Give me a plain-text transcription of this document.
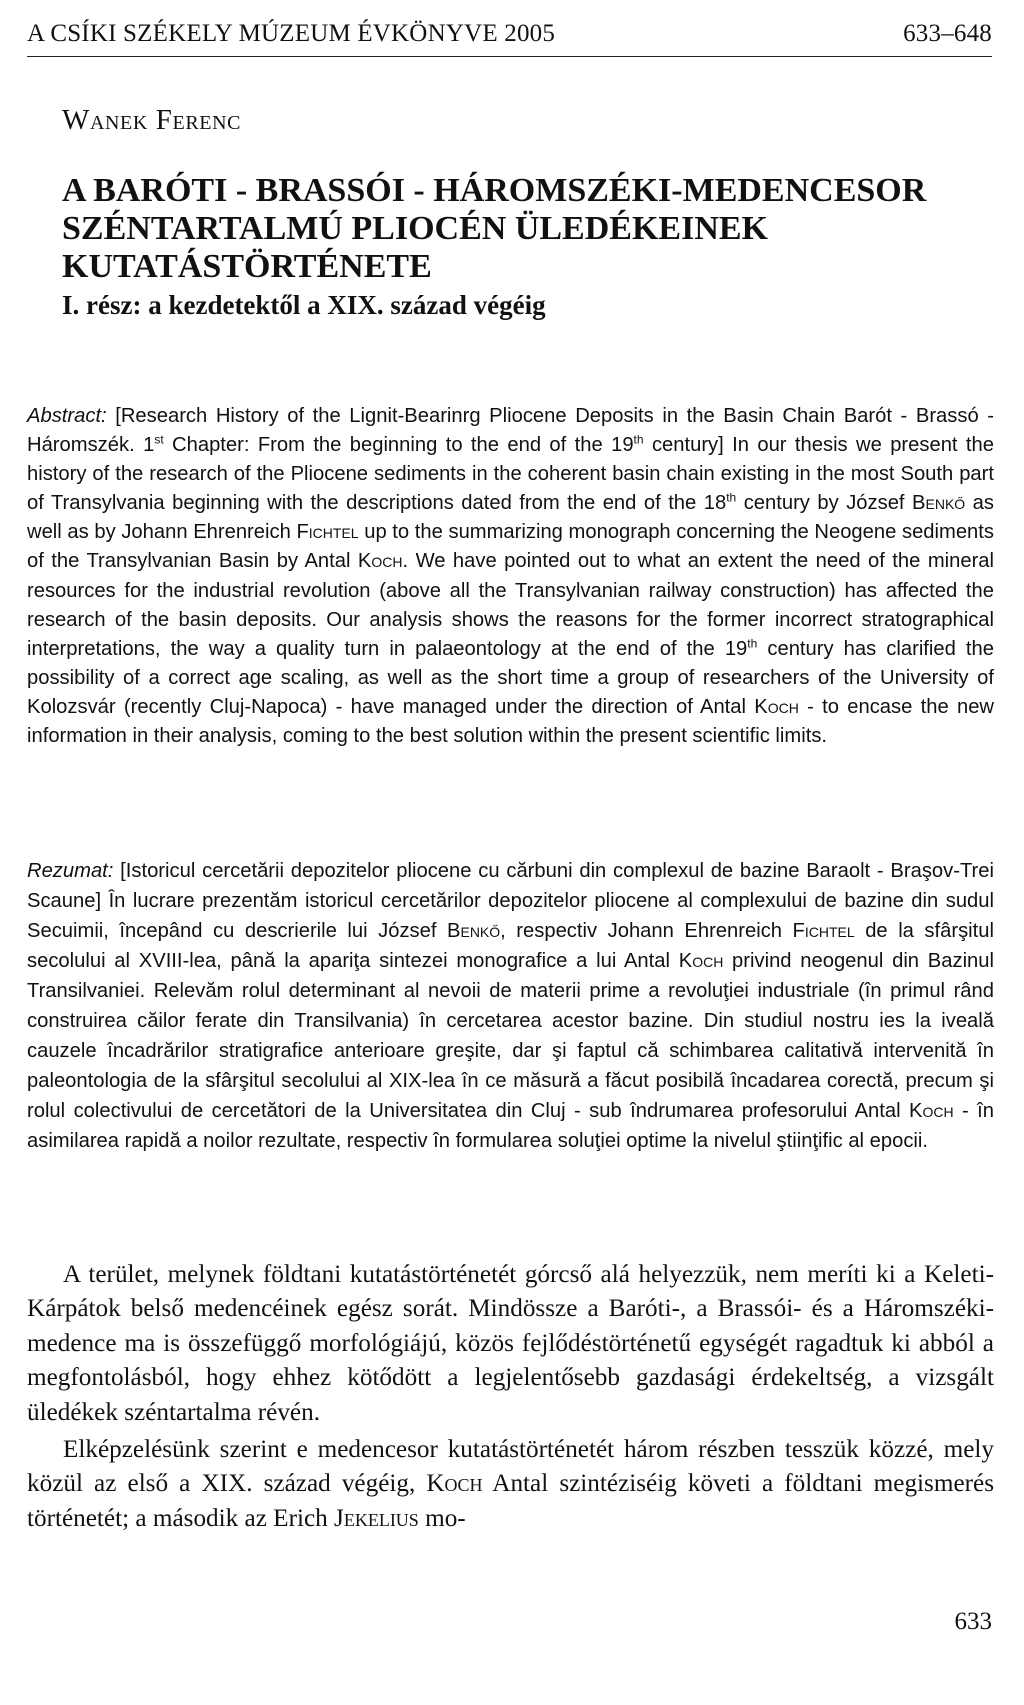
A CSÍKI SZÉKELY MÚZEUM ÉVKÖNYVE 2005	633–648
Wanek Ferenc
A BARÓTI - BRASSÓI - HÁROMSZÉKI-MEDENCESOR
SZÉNTARTALMÚ PLIOCÉN ÜLEDÉKEINEK
KUTATÁSTÖRTÉNETE
I. rész: a kezdetektől a XIX. század végéig

Abstract: [Research History of the Lignit-Bearinrg Pliocene Deposits in the Basin Chain Barót - Brassó - Háromszék. 1st Chapter: From the beginning to the end of the 19th century] In our thesis we present the history of the research of the Pliocene sediments in the coherent basin chain existing in the most South part of Transylvania beginning with the descriptions dated from the end of the 18th century by József Benkő as well as by Johann Ehrenreich Fichtel up to the summarizing monograph concerning the Neogene sediments of the Transylvanian Basin by Antal Koch. We have pointed out to what an extent the need of the mineral resources for the industrial revolution (above all the Transylvanian railway construction) has affected the research of the basin deposits. Our analysis shows the reasons for the former incorrect stratographical interpretations, the way a quality turn in palaeontology at the end of the 19th century has clarified the possibility of a correct age scaling, as well as the short time a group of researchers of the University of Kolozsvár (recently Cluj-Napoca) - have managed under the direction of Antal Koch - to encase the new information in their analysis, coming to the best solution within the present scientific limits.

Rezumat: [Istoricul cercetării depozitelor pliocene cu cărbuni din complexul de bazine Baraolt - Braşov-Trei Scaune] În lucrare prezentăm istoricul cercetărilor depozitelor pliocene al complexului de bazine din sudul Secuimii, începând cu descrierile lui József Benkő, respectiv Johann Ehrenreich Fichtel de la sfârşitul secolului al XVIII-lea, până la apariţa sintezei monografice a lui Antal Koch privind neogenul din Bazinul Transilvaniei. Relevăm rolul determinant al nevoii de materii prime a revoluţiei industriale (în primul rând construirea căilor ferate din Transilvania) în cercetarea acestor bazine. Din studiul nostru ies la iveală cauzele încadrărilor stratigrafice anterioare greşite, dar şi faptul că schimbarea calitativă intervenită în paleontologia de la sfârşitul secolului al XIX-lea în ce măsură a făcut posibilă încadarea corectă, precum şi rolul colectivului de cercetători de la Universitatea din Cluj - sub îndrumarea profesorului Antal Koch - în asimilarea rapidă a noilor rezultate, respectiv în formularea soluţiei optime la nivelul ştiinţific al epocii.

A terület, melynek földtani kutatástörténetét górcső alá helyezzük, nem meríti ki a Keleti-Kárpátok belső medencéinek egész sorát. Mindössze a Baróti-, a Brassói- és a Háromszéki-medence ma is összefüggő morfológiájú, közös fejlődéstörténetű egységét ragadtuk ki abból a megfontolásból, hogy ehhez kötődött a legjelentősebb gazdasági érdekeltség, a vizsgált üledékek széntartalma révén.

Elképzelésünk szerint e medencesor kutatástörténetét három részben tesszük közzé, mely közül az első a XIX. század végéig, Koch Antal szintéziséig követi a földtani megismerés történetét; a második az Erich Jekelius mo-

633
